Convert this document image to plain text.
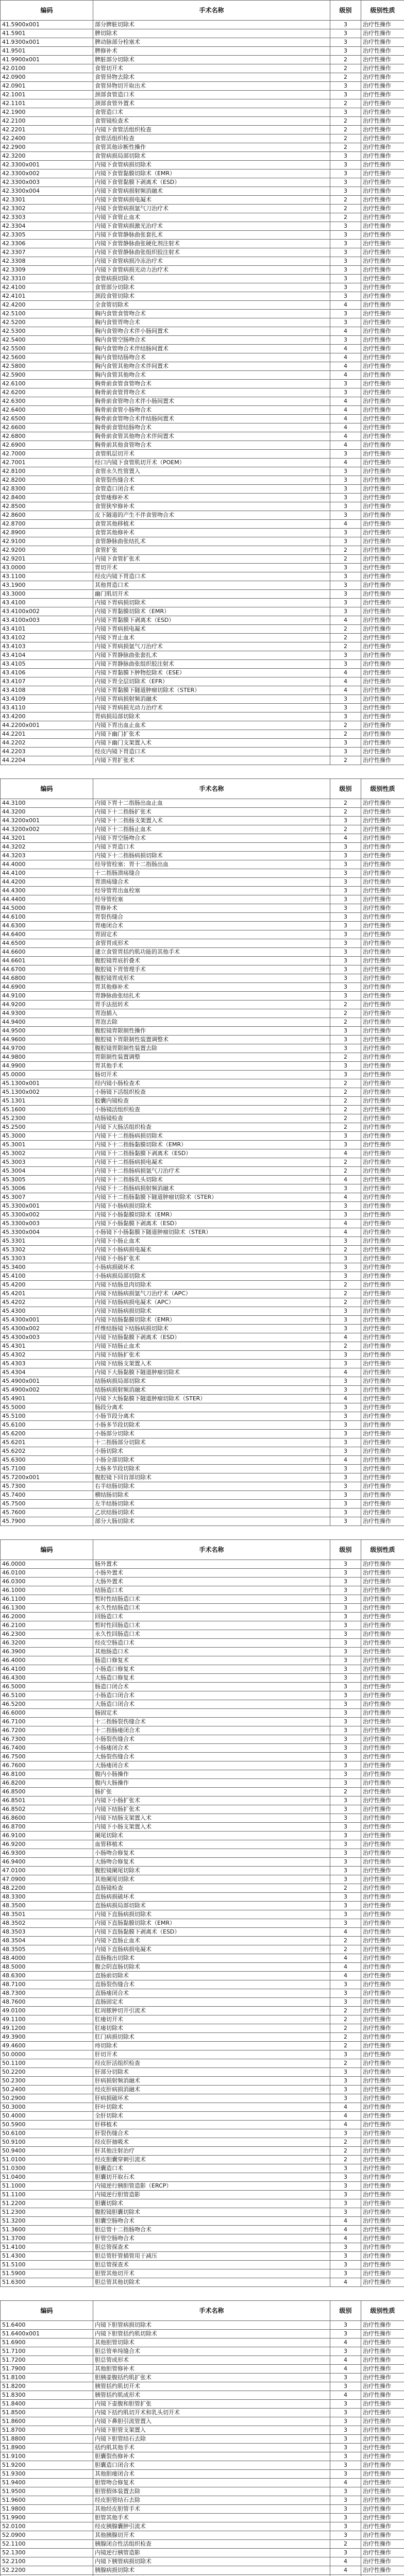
编码	手术名称	级别	级别性质
41.5900x001	部分脾脏切除术	3	治疗性操作
41.5901	脾切除术	3	治疗性操作
41.9300x001	脾动脉部分栓塞术	3	治疗性操作
41.9501	脾修补术	3	治疗性操作
41.9900x001	脾脏部分切除术	2	治疗性操作
42.0100	食管切开术	2	治疗性操作
42.0900	食管异物去除术	2	治疗性操作
42.0901	食管异物切开取出术	3	治疗性操作
42.1001	颈部食管造口术	3	治疗性操作
42.1101	颈部食管外置术	2	治疗性操作
42.1900	食管造口术	3	治疗性操作
42.2100	食管镜检查术	2	治疗性操作
42.2201	内镜下食管活组织检查	2	治疗性操作
42.2400	食管活组织检查	2	治疗性操作
42.2900	食管其他诊断性操作	2	治疗性操作
42.3200	食管病损局部切除术	3	治疗性操作
42.3300x001	内镜下食管病损切除术	3	治疗性操作
42.3300x002	内镜下食管黏膜切除术（EMR）	3	治疗性操作
42.3300x003	内镜下食管黏膜下剥离术（ESD）	3	治疗性操作
42.3300x004	内镜下食管病损射频消融术	3	治疗性操作
42.3301	内镜下食管病损电凝术	2	治疗性操作
42.3302	内镜下食管病损氩气刀治疗术	2	治疗性操作
42.3303	内镜下食管止血术	2	治疗性操作
42.3304	内镜下食管病损激光治疗术	3	治疗性操作
42.3305	内镜下食管静脉曲张套扎术	3	治疗性操作
42.3306	内镜下食管静脉曲张硬化剂注射术	3	治疗性操作
42.3307	内镜下食管静脉曲张组织胶注射术	3	治疗性操作
42.3308	内镜下食管病损冷冻治疗术	3	治疗性操作
42.3309	内镜下食管病损光动力治疗术	3	治疗性操作
42.3310	食管病损切除术	3	治疗性操作
42.4100	食管部分切除术	3	治疗性操作
42.4101	颈段食管切除术	3	治疗性操作
42.4200	全食管切除术	4	治疗性操作
42.5100	胸内食管食管吻合术	3	治疗性操作
42.5200	胸内食管胃吻合术	3	治疗性操作
42.5300	胸内食管吻合术伴小肠间置术	4	治疗性操作
42.5400	胸内食管空肠吻合术	3	治疗性操作
42.5500	胸内食管吻合术伴结肠间置术	4	治疗性操作
42.5600	胸内食管结肠吻合术	4	治疗性操作
42.5800	胸内食管其他吻合术伴间置术	4	治疗性操作
42.5900	胸内食管其他吻合术	4	治疗性操作
42.6100	胸骨前食管食管吻合术	3	治疗性操作
42.6200	胸骨前食管胃吻合术	3	治疗性操作
42.6300	胸骨前食管吻合术伴小肠间置术	4	治疗性操作
42.6400	胸骨前食管小肠吻合术	4	治疗性操作
42.6500	胸骨前食管吻合术伴结肠间置术	4	治疗性操作
42.6600	胸骨前食管结肠吻合术	4	治疗性操作
42.6800	胸骨前食管其他吻合术伴间置术	4	治疗性操作
42.6900	胸骨前其他食管吻合术	4	治疗性操作
42.7000	食管肌层切开术	3	治疗性操作
42.7001	经口内镜下食管肌切开术（POEM）	4	治疗性操作
42.8100	食管永久性管置入	3	治疗性操作
42.8200	食管裂伤缝合术	3	治疗性操作
42.8300	食管造口闭合术	3	治疗性操作
42.8400	食管瘘修补术	3	治疗性操作
42.8500	食管狭窄修补术	3	治疗性操作
42.8600	皮下隧道的产生不伴食管吻合术	3	治疗性操作
42.8700	食管其他移植术	4	治疗性操作
42.8900	食管其他修补术	3	治疗性操作
42.9100	食管静脉曲张结扎术	3	治疗性操作
42.9200	食管扩张	2	治疗性操作
42.9201	内镜下食管扩张术	2	治疗性操作
43.0000	胃切开术	3	治疗性操作
43.1100	经皮内镜下胃造口术	3	治疗性操作
43.1900	其他胃造口术	3	治疗性操作
43.3000	幽门肌切开术	3	治疗性操作
43.4100	内镜下胃病损切除术	3	治疗性操作
43.4100x002	内镜下胃黏膜切除术（EMR）	3	治疗性操作
43.4100x003	内镜下胃黏膜下剥离术（ESD）	4	治疗性操作
43.4101	内镜下胃病损电凝术	2	治疗性操作
43.4102	内镜下胃止血术	2	治疗性操作
43.4103	内镜下胃病损氩气刀治疗术	2	治疗性操作
43.4104	内镜下胃静脉曲张套扎术	3	治疗性操作
43.4105	内镜下胃静脉曲张组织胶注射术	3	治疗性操作
43.4106	内镜下胃黏膜下肿物挖除术（ESE）	4	治疗性操作
43.4107	内镜下胃全层切除术（EFR）	4	治疗性操作
43.4108	内镜下胃黏膜下隧道肿瘤切除术（STER）	4	治疗性操作
43.4109	内镜下胃病损射频消融术	3	治疗性操作
43.4110	内镜下胃病损光动力治疗术	3	治疗性操作
43.4200	胃病损局部切除术	3	治疗性操作
44.2200x001	内镜下胃出血止血术	2	治疗性操作
44.2201	内镜下幽门扩张术	2	治疗性操作
44.2202	内镜下幽门支架置入术	3	治疗性操作
44.2203	经皮内镜下胃造口术	3	治疗性操作
44.2204	内镜下胃扩张术	2	治疗性操作
编码	手术名称	级别	级别性质
44.3100	内镜下胃十二指肠出血止血	2	治疗性操作
44.3200	内镜下十二指肠扩张术	2	治疗性操作
44.3200x001	内镜下十二指肠支架置入术	3	治疗性操作
44.3200x002	内镜下十二指肠止血术	2	治疗性操作
44.3201	内镜下胃空肠吻合术	4	治疗性操作
44.3202	内镜下胃造口术	3	治疗性操作
44.3203	内镜下十二指肠病损切除术	3	治疗性操作
44.4000	经导管栓塞：胃十二指肠出血	3	治疗性操作
44.4100	十二指肠溃疡缝合	3	治疗性操作
44.4200	胃溃疡缝合术	3	治疗性操作
44.4300	经导管胃出血栓塞	3	治疗性操作
44.4400	经导管栓塞	3	治疗性操作
44.5000	胃修补术	3	治疗性操作
44.6100	胃裂伤缝合	3	治疗性操作
44.6300	胃瘘闭合术	3	治疗性操作
44.6400	胃固定术	3	治疗性操作
44.6500	食管胃成形术	3	治疗性操作
44.6600	建立食管胃括约肌功能的其他手术	3	治疗性操作
44.6601	腹腔镜胃底折叠术	3	治疗性操作
44.6700	腹腔镜下胃管理手术	3	治疗性操作
44.6800	腹腔镜胃成形术	3	治疗性操作
44.6900	胃其他修补术	3	治疗性操作
44.9100	胃静脉曲张结扎术	3	治疗性操作
44.9200	胃手法扭转术	2	治疗性操作
44.9300	胃泡插入	2	治疗性操作
44.9400	胃泡去除	2	治疗性操作
44.9500	腹腔镜胃限制性操作	3	治疗性操作
44.9600	腹腔镜下胃限制性装置调整术	3	治疗性操作
44.9700	腹腔镜胃限制性装置去除	3	治疗性操作
44.9800	胃限制性装置调整	2	治疗性操作
44.9900	胃其他手术	3	治疗性操作
45.0000	肠切开术	3	治疗性操作
45.1300x001	经内镜小肠检查术	2	治疗性操作
45.1300x002	小肠镜下活组织检查	2	治疗性操作
45.1301	胶囊内镜检查	2	治疗性操作
45.1600	小肠镜活组织检查	2	治疗性操作
45.2300	结肠镜检查	2	治疗性操作
45.2500	内镜下大肠活组织检查	2	治疗性操作
45.3000	内镜下十二指肠病损切除术	3	治疗性操作
45.3001	内镜下十二指肠黏膜切除术（EMR）	3	治疗性操作
45.3002	内镜下十二指肠黏膜下剥离术（ESD）	4	治疗性操作
45.3003	内镜下十二指肠病损电凝术	2	治疗性操作
45.3004	内镜下十二指肠病损氩气刀治疗术	2	治疗性操作
45.3005	内镜下十二指肠乳头切除术	4	治疗性操作
45.3006	内镜下十二指肠病损射频消融术	3	治疗性操作
45.3007	内镜下十二指肠黏膜下隧道肿瘤切除术（STER）	4	治疗性操作
45.3300x001	内镜下小肠病损切除术	3	治疗性操作
45.3300x002	内镜下小肠黏膜切除术（EMR）	3	治疗性操作
45.3300x003	内镜下小肠黏膜下剥离术（ESD）	4	治疗性操作
45.3300x004	小肠镜下小肠黏膜下隧道肿瘤切除术（STER）	4	治疗性操作
45.3301	内镜下小肠止血术	3	治疗性操作
45.3302	内镜下小肠病损电凝术	2	治疗性操作
45.3303	内镜下小肠扩张术	3	治疗性操作
45.3400	小肠病损破坏术	3	治疗性操作
45.4100	小肠病损局部切除术	3	治疗性操作
45.4200	内镜下结肠息肉切除术	2	治疗性操作
45.4201	内镜下结肠病损氩气刀治疗术（APC）	2	治疗性操作
45.4202	内镜下结肠病损电凝术（APC）	2	治疗性操作
45.4300	内镜下结肠病损切除术	3	治疗性操作
45.4300x001	内镜下结肠黏膜切除术（EMR）	3	治疗性操作
45.4300x002	纤维结肠镜下结肠病损切除术	3	治疗性操作
45.4300x003	内镜下结肠黏膜下剥离术（ESD）	4	治疗性操作
45.4301	内镜下结肠止血术	2	治疗性操作
45.4302	内镜下结肠扩张术	3	治疗性操作
45.4303	内镜下结肠支架置入术	3	治疗性操作
45.4304	内镜下大肠黏膜下隧道肿瘤切除术	4	治疗性操作
45.4900x001	结肠病损局部切除术	3	治疗性操作
45.4900x002	结肠病损射频消融术	3	治疗性操作
45.4901	内镜下大肠黏膜下隧道肿瘤切除术（STER）	4	治疗性操作
45.5000	肠段分离术	3	治疗性操作
45.5100	小肠节段分离术	3	治疗性操作
45.6100	小肠多节段切除术	3	治疗性操作
45.6200	小肠部分切除术	3	治疗性操作
45.6201	十二指肠部分切除术	3	治疗性操作
45.6202	小肠切除术	3	治疗性操作
45.6300	小肠全部切除术	4	治疗性操作
45.7100	大肠多节段切除术	3	治疗性操作
45.7200x001	腹腔镜下回盲部切除术	3	治疗性操作
45.7300	右半结肠切除术	3	治疗性操作
45.7400	横结肠切除术	3	治疗性操作
45.7500	左半结肠切除术	3	治疗性操作
45.7600	乙状结肠切除术	3	治疗性操作
45.7900	部分大肠切除术	3	治疗性操作
编码	手术名称	级别	级别性质
46.0000	肠外置术	3	治疗性操作
46.0100	小肠外置术	3	治疗性操作
46.0300	大肠外置术	3	治疗性操作
46.1000	结肠造口术	3	治疗性操作
46.1100	暂时性结肠造口术	3	治疗性操作
46.1300	永久性结肠造口术	3	治疗性操作
46.2000	回肠造口术	3	治疗性操作
46.2100	暂时性回肠造口术	3	治疗性操作
46.2300	永久性回肠造口术	3	治疗性操作
46.3200	经皮空肠造口术	3	治疗性操作
46.3900	其他肠造口术	3	治疗性操作
46.4000	肠造口修复术	3	治疗性操作
46.4100	小肠造口修复术	3	治疗性操作
46.4300	大肠造口修复术	3	治疗性操作
46.5000	肠造口闭合术	3	治疗性操作
46.5100	小肠造口闭合术	3	治疗性操作
46.5200	大肠造口闭合术	3	治疗性操作
46.6000	肠固定术	3	治疗性操作
46.7100	十二指肠裂伤缝合术	3	治疗性操作
46.7200	十二指肠瘘闭合术	3	治疗性操作
46.7300	小肠裂伤缝合术	3	治疗性操作
46.7400	小肠瘘闭合术	3	治疗性操作
46.7500	大肠裂伤缝合术	3	治疗性操作
46.7600	大肠瘘闭合术	3	治疗性操作
46.8100	腹内小肠操作	3	治疗性操作
46.8200	腹内大肠操作	3	治疗性操作
46.8500	肠扩张	2	治疗性操作
46.8501	内镜下小肠扩张术	3	治疗性操作
46.8502	内镜下结肠扩张术	3	治疗性操作
46.8600	内镜下结肠支架置入术	3	治疗性操作
46.8700	内镜下小肠支架置入术	3	治疗性操作
46.9100	阑尾切除术	3	治疗性操作
46.9200	血管移植术	3	治疗性操作
46.9300	小肠吻合修复术	3	治疗性操作
46.9400	大肠吻合修复术	3	治疗性操作
47.0100	腹腔镜阑尾切除术	3	治疗性操作
47.0900	其他阑尾切除术	3	治疗性操作
48.2200	直肠镜检查	2	治疗性操作
48.3300	直肠病损破坏术	3	治疗性操作
48.3500	直肠病损局部切除术	3	治疗性操作
48.3501	内镜下直肠病损切除术	3	治疗性操作
48.3502	内镜下直肠黏膜切除术（EMR）	3	治疗性操作
48.3503	内镜下直肠黏膜下剥离术（ESD）	4	治疗性操作
48.3504	内镜下直肠止血术	2	治疗性操作
48.3505	内镜下直肠病损电凝术	2	治疗性操作
48.4000	直肠拖出切除术	4	治疗性操作
48.5000	腹会阴直肠切除术	4	治疗性操作
48.6300	直肠前切除术	4	治疗性操作
48.7100	直肠裂伤缝合术	3	治疗性操作
48.7300	直肠瘘闭合术	3	治疗性操作
48.7600	直肠固定术	3	治疗性操作
49.0100	肛周脓肿切开引流术	2	治疗性操作
49.1100	肛瘘切开术	2	治疗性操作
49.1200	肛瘘切除术	2	治疗性操作
49.3900	肛门病损切除术	2	治疗性操作
49.4600	痔切除术	2	治疗性操作
50.0000	肝切开术	3	治疗性操作
50.1100	经皮肝活组织检查	2	治疗性操作
50.2200	肝部分切除术	3	治疗性操作
50.2300	肝病损射频消融术	3	治疗性操作
50.2400	经皮肝病损消融术	3	治疗性操作
50.2900	肝病损破坏术	3	治疗性操作
50.3000	肝叶切除术	4	治疗性操作
50.4000	全肝切除术	4	治疗性操作
50.5900	肝移植术	4	治疗性操作
50.6100	肝裂伤缝合术	3	治疗性操作
50.9100	经皮肝抽吸术	2	治疗性操作
50.9400	肝其他注射治疗	2	治疗性操作
51.0100	经皮胆囊穿刺引流术	2	治疗性操作
51.0300	胆囊造口术	3	治疗性操作
51.0400	胆囊切开取石术	3	治疗性操作
51.1000	内镜逆行胰胆管造影（ERCP）	3	治疗性操作
51.1100	内镜逆行胆管造影	3	治疗性操作
51.2200	胆囊切除术	3	治疗性操作
51.2300	腹腔镜胆囊切除术	3	治疗性操作
51.3200	胆囊空肠吻合术	4	治疗性操作
51.3600	胆总管十二指肠吻合术	4	治疗性操作
51.3700	肝管空肠吻合术	4	治疗性操作
51.4100	胆总管探查术	3	治疗性操作
51.4300	胆总管肝管插管用于减压	3	治疗性操作
51.5100	胆总管探查术	3	治疗性操作
51.5900	胆管其他切开术	3	治疗性操作
51.6300	胆总管其他切除术	4	治疗性操作
编码	手术名称	级别	级别性质
51.6400	内镜下胆管病损切除术	3	治疗性操作
51.6400x001	内镜下胆管括约肌切除术	3	治疗性操作
51.6900	其他胆管切除术	4	治疗性操作
51.7100	胆总管单纯缝合术	3	治疗性操作
51.7200	胆总管成形术	4	治疗性操作
51.7900	其他胆管修补术	4	治疗性操作
51.8100	胆胰壶腹括约肌扩张术	3	治疗性操作
51.8200	胰管括约肌切开术	3	治疗性操作
51.8300	胰管括约肌成形术	4	治疗性操作
51.8400	内镜下壶腹和胆管扩张	3	治疗性操作
51.8500	内镜下括约肌切开术和乳头切开术	3	治疗性操作
51.8600	内镜下鼻胆引流管置入	3	治疗性操作
51.8700	内镜下胆管支架置入	3	治疗性操作
51.8800	内镜下胆管结石去除	3	治疗性操作
51.8900	括约肌其他手术	3	治疗性操作
51.9100	胆囊裂伤修补术	3	治疗性操作
51.9200	胆囊造口闭合术	3	治疗性操作
51.9300	其他胆瘘闭合术	3	治疗性操作
51.9400	胆管吻合修复术	4	治疗性操作
51.9500	胆管假体装置去除	3	治疗性操作
51.9600	经皮胆管结石去除	3	治疗性操作
51.9800	其他经皮胆管手术	3	治疗性操作
51.9900	胆管其他手术	3	治疗性操作
52.0100	经皮胰腺囊肿引流术	3	治疗性操作
52.0900	其他胰腺切开术	3	治疗性操作
52.1100	胰腺闭合性活组织检查	2	治疗性操作
52.1300	内镜逆行胰管造影	3	治疗性操作
52.2100	内镜下胰管病损切除术	4	治疗性操作
52.2200	胰腺病损切除术	4	治疗性操作
